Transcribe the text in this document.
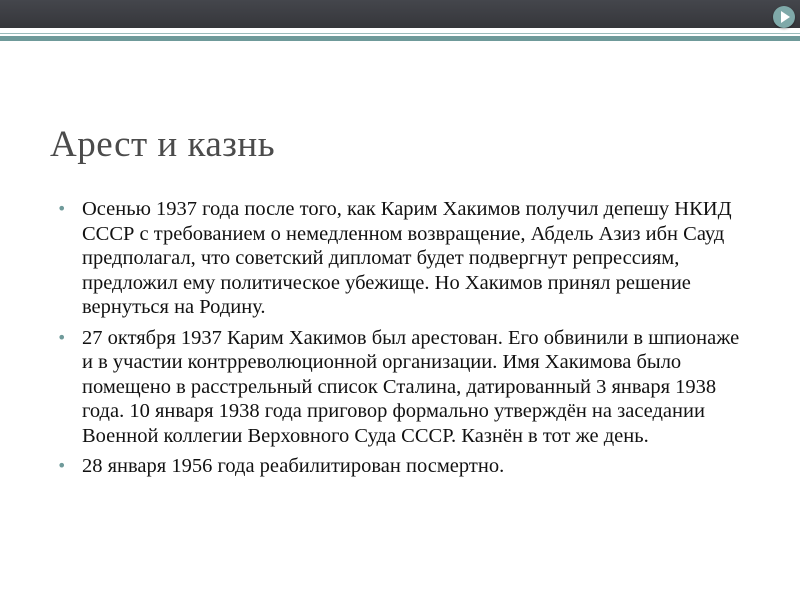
Арест и казнь
• Осенью 1937 года после того, как Карим Хакимов получил депешу НКИД СССР с требованием о немедленном возвращение, Абдель Азиз ибн Сауд предполагал, что советский дипломат будет подвергнут репрессиям, предложил ему политическое убежище. Но Хакимов принял решение вернуться на Родину.
• 27 октября 1937 Карим Хакимов был арестован. Его обвинили в шпионаже и в участии контрреволюционной организации. Имя Хакимова было помещено в расстрельный список Сталина, датированный 3 января 1938 года. 10 января 1938 года приговор формально утверждён на заседании Военной коллегии Верховного Суда СССР. Казнён в тот же день.
• 28 января 1956 года реабилитирован посмертно.
